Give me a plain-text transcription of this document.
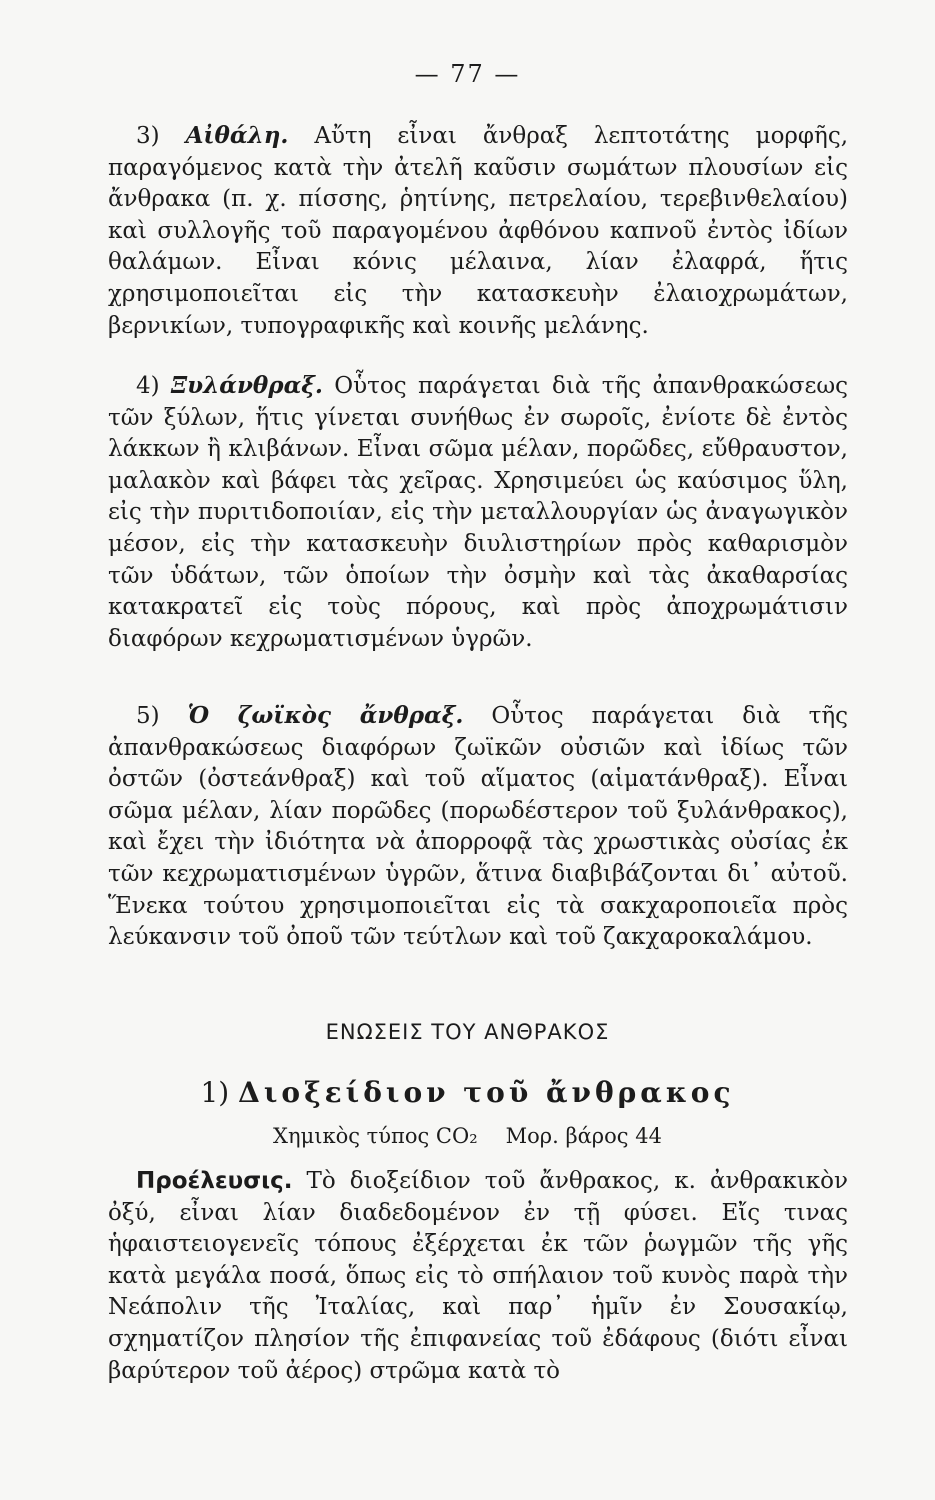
— 77 —

3) Αἰθάλη. Αὔτη εἶναι ἄνθραξ λεπτοτάτης μορφῆς, παραγόμενος κατὰ τὴν ἀτελῆ καῦσιν σωμάτων πλουσίων εἰς ἄνθρακα (π. χ. πίσσης, ῥητίνης, πετρελαίου, τερεβινθελαίου) καὶ συλλογῆς τοῦ παραγομένου ἀφθόνου καπνοῦ ἐντὸς ἰδίων θαλάμων. Εἶναι κόνις μέλαινα, λίαν ἐλαφρά, ἥτις χρησιμοποιεῖται εἰς τὴν κατασκευὴν ἐλαιοχρωμάτων, βερνικίων, τυπογραφικῆς καὶ κοινῆς μελάνης.

4) Ξυλάνθραξ. Οὗτος παράγεται διὰ τῆς ἀπανθρακώσεως τῶν ξύλων, ἥτις γίνεται συνήθως ἐν σωροῖς, ἐνίοτε δὲ ἐντὸς λάκκων ἢ κλιβάνων. Εἶναι σῶμα μέλαν, πορῶδες, εὔθραυστον, μαλακὸν καὶ βάφει τὰς χεῖρας. Χρησιμεύει ὡς καύσιμος ὕλη, εἰς τὴν πυριτιδοποιίαν, εἰς τὴν μεταλλουργίαν ὡς ἀναγωγικὸν μέσον, εἰς τὴν κατασκευὴν διυλιστηρίων πρὸς καθαρισμὸν τῶν ὑδάτων, τῶν ὁποίων τὴν ὀσμὴν καὶ τὰς ἀκαθαρσίας κατακρατεῖ εἰς τοὺς πόρους, καὶ πρὸς ἀποχρωμάτισιν διαφόρων κεχρωματισμένων ὑγρῶν.

5) Ὁ ζωϊκὸς ἄνθραξ. Οὗτος παράγεται διὰ τῆς ἀπανθρακώσεως διαφόρων ζωϊκῶν οὐσιῶν καὶ ἰδίως τῶν ὀστῶν (ὀστεάνθραξ) καὶ τοῦ αἵματος (αἱματάνθραξ). Εἶναι σῶμα μέλαν, λίαν πορῶδες (πορωδέστερον τοῦ ξυλάνθρακος), καὶ ἔχει τὴν ἰδιότητα νὰ ἀπορροφᾷ τὰς χρωστικὰς οὐσίας ἐκ τῶν κεχρωματισμένων ὑγρῶν, ἅτινα διαβιβάζονται δι᾽ αὐτοῦ. Ἕνεκα τούτου χρησιμοποιεῖται εἰς τὰ σακχαροποιεῖα πρὸς λεύκανσιν τοῦ ὀποῦ τῶν τεύτλων καὶ τοῦ ζακχαροκαλάμου.

ΕΝΩΣΕΙΣ ΤΟΥ ΑΝΘΡΑΚΟΣ
1) Διοξείδιον τοῦ ἄνθρακος
Χημικὸς τύπος CO₂ Μορ. βάρος 44

Προέλευσις. Τὸ διοξείδιον τοῦ ἄνθρακος, κ. ἀνθρακικὸν ὀξύ, εἶναι λίαν διαδεδομένον ἐν τῇ φύσει. Εἴς τινας ἡφαιστειογενεῖς τόπους ἐξέρχεται ἐκ τῶν ῥωγμῶν τῆς γῆς κατὰ μεγάλα ποσά, ὅπως εἰς τὸ σπήλαιον τοῦ κυνὸς παρὰ τὴν Νεάπολιν τῆς Ἰταλίας, καὶ παρ᾽ ἡμῖν ἐν Σουσακίῳ, σχηματίζον πλησίον τῆς ἐπιφανείας τοῦ ἐδάφους (διότι εἶναι βαρύτερον τοῦ ἀέρος) στρῶμα κατὰ τὸ
